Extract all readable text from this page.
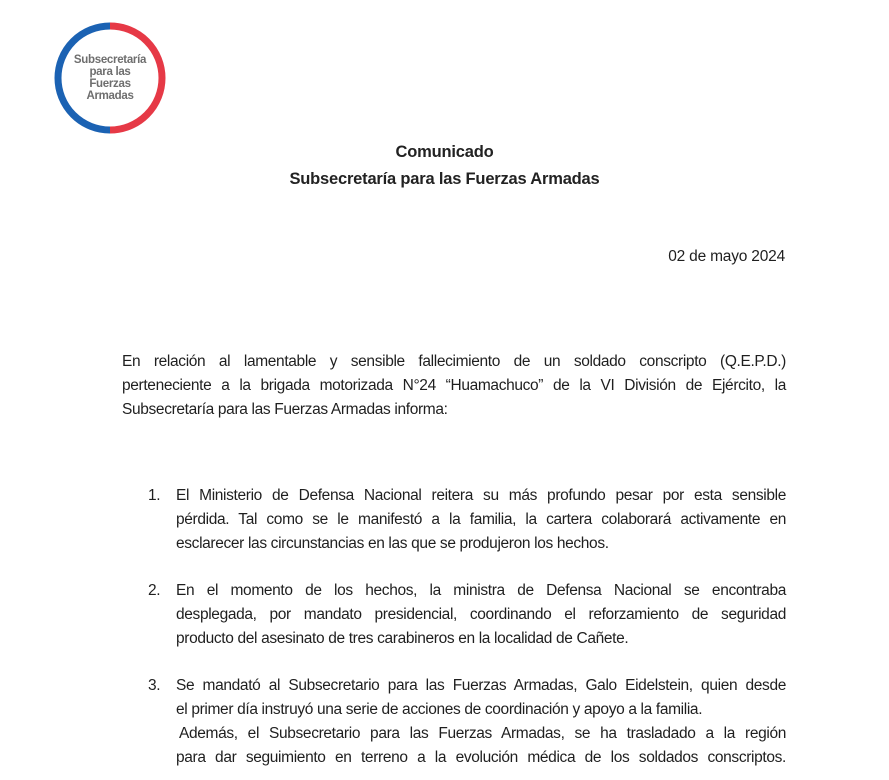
Subsecretaría
para las
Fuerzas
Armadas
Comunicado
Subsecretaría para las Fuerzas Armadas
02 de mayo 2024
En relación al lamentable y sensible fallecimiento de un soldado conscripto (Q.E.P.D.)
perteneciente a la brigada motorizada N°24 “Huamachuco” de la VI División de Ejército, la
Subsecretaría para las Fuerzas Armadas informa:
1. El Ministerio de Defensa Nacional reitera su más profundo pesar por esta sensible
pérdida. Tal como se le manifestó a la familia, la cartera colaborará activamente en
esclarecer las circunstancias en las que se produjeron los hechos.
2. En el momento de los hechos, la ministra de Defensa Nacional se encontraba
desplegada, por mandato presidencial, coordinando el reforzamiento de seguridad
producto del asesinato de tres carabineros en la localidad de Cañete.
3. Se mandató al Subsecretario para las Fuerzas Armadas, Galo Eidelstein, quien desde
el primer día instruyó una serie de acciones de coordinación y apoyo a la familia.
Además, el Subsecretario para las Fuerzas Armadas, se ha trasladado a la región
para dar seguimiento en terreno a la evolución médica de los soldados conscriptos.
